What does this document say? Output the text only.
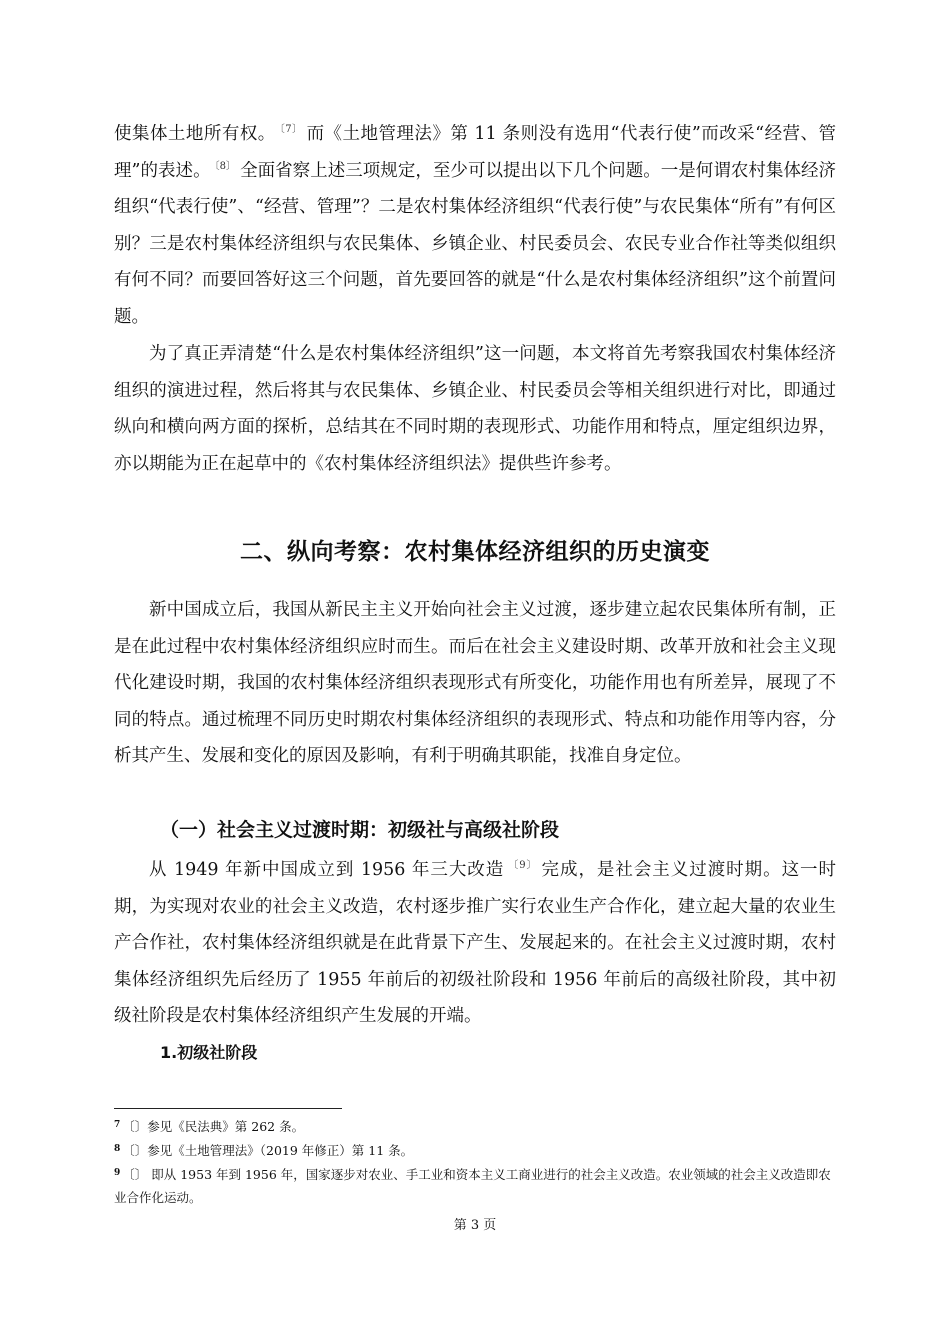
使集体土地所有权。 $^{〔7〕}$ 而《土地管理法》第 11 条则没有选用“代表行使”而改采“经营、管理”的表述。 $^{〔8〕}$ 全面省察上述三项规定，至少可以提出以下几个问题。一是何谓农村集体经济组织“代表行使”、“经营、管理”？二是农村集体经济组织“代表行使”与农民集体“所有”有何区别？三是农村集体经济组织与农民集体、乡镇企业、村民委员会、农民专业合作社等类似组织有何不同？而要回答好这三个问题，首先要回答的就是“什么是农村集体经济组织”这个前置问题。

为了真正弄清楚“什么是农村集体经济组织”这一问题，本文将首先考察我国农村集体经济组织的演进过程，然后将其与农民集体、乡镇企业、村民委员会等相关组织进行对比，即通过纵向和横向两方面的探析，总结其在不同时期的表现形式、功能作用和特点，厘定组织边界，亦以期能为正在起草中的《农村集体经济组织法》提供些许参考。

二、纵向考察：农村集体经济组织的历史演变

新中国成立后，我国从新民主主义开始向社会主义过渡，逐步建立起农民集体所有制，正是在此过程中农村集体经济组织应时而生。而后在社会主义建设时期、改革开放和社会主义现代化建设时期，我国的农村集体经济组织表现形式有所变化，功能作用也有所差异，展现了不同的特点。通过梳理不同历史时期农村集体经济组织的表现形式、特点和功能作用等内容，分析其产生、发展和变化的原因及影响，有利于明确其职能，找准自身定位。

（一）社会主义过渡时期：初级社与高级社阶段

从 1949 年新中国成立到 1956 年三大改造 $^{〔9〕}$ 完成，是社会主义过渡时期。这一时期，为实现对农业的社会主义改造，农村逐步推广实行农业生产合作化，建立起大量的农业生产合作社，农村集体经济组织就是在此背景下产生、发展起来的。在社会主义过渡时期，农村集体经济组织先后经历了 1955 年前后的初级社阶段和 1956 年前后的高级社阶段，其中初级社阶段是农村集体经济组织产生发展的开端。

1.初级社阶段
$^7$ 〔〕参见《民法典》第 262 条。
$^8$ 〔〕参见《土地管理法》（2019 年修正）第 11 条。
$^9$ 〔〕 即从 1953 年到 1956 年，国家逐步对农业、手工业和资本主义工商业进行的社会主义改造。农业领域的社会主义改造即农业合作化运动。
第 3 页
